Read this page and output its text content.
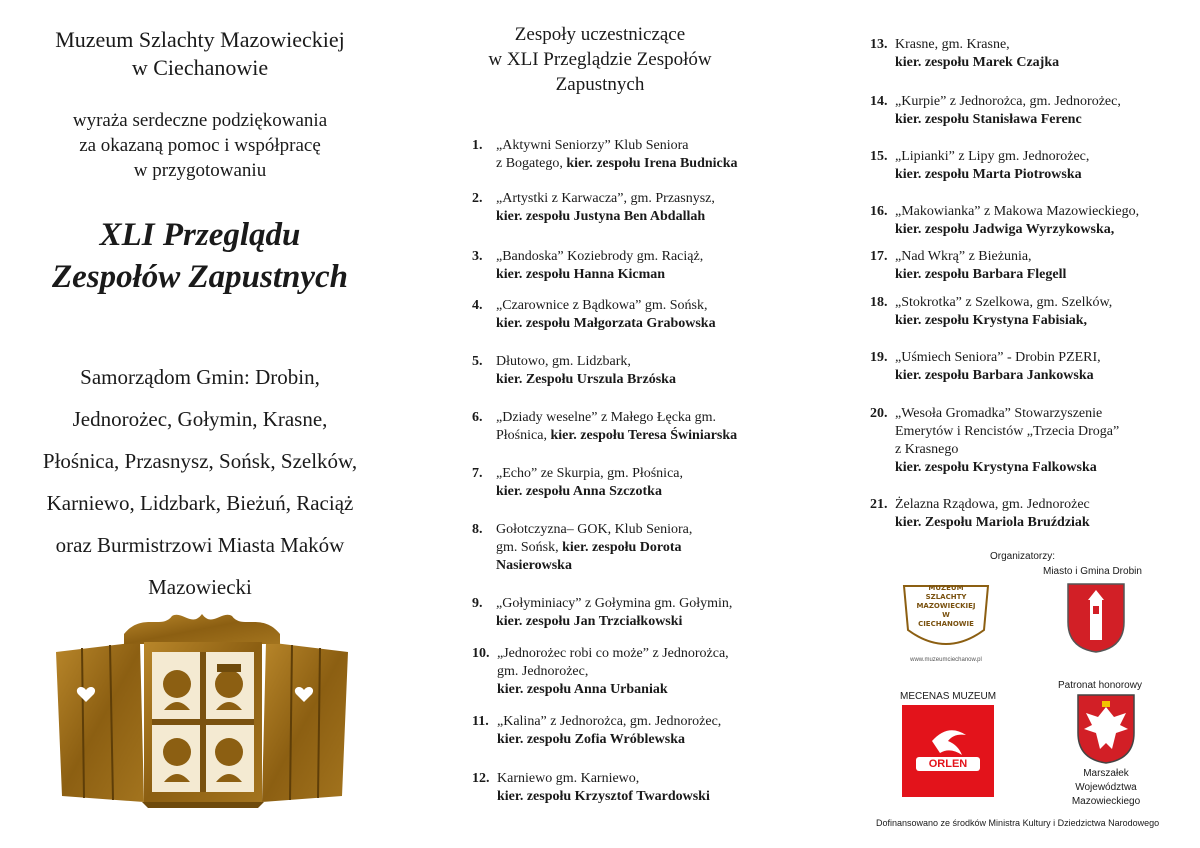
Muzeum Szlachty Mazowieckiej
w Ciechanowie
wyraża serdeczne podziękowania
za okazaną pomoc i współpracę
w przygotowaniu
XLI Przeglądu
Zespołów Zapustnych
Samorządom Gmin: Drobin,
Jednorożec, Gołymin, Krasne,
Płośnica, Przasnysz, Sońsk, Szelków,
Karniewo, Lidzbark, Bieżuń, Raciąż
oraz Burmistrzowi Miasta Maków
Mazowiecki
Zespoły uczestniczące
w XLI Przeglądzie Zespołów
Zapustnych
1. „Aktywni Seniorzy” Klub Seniora
z Bogatego, kier. zespołu Irena Budnicka
2. „Artystki z Karwacza”, gm. Przasnysz,
kier. zespołu Justyna Ben Abdallah
3. „Bandoska” Koziebrody gm. Raciąż,
kier. zespołu Hanna Kicman
4. „Czarownice z Bądkowa” gm. Sońsk,
kier. zespołu Małgorzata Grabowska
5. Dłutowo, gm. Lidzbark,
kier. Zespołu Urszula Brzóska
6. „Dziady weselne” z Małego Łęcka gm.
Płośnica, kier. zespołu Teresa Świniarska
7. „Echo” ze Skurpia, gm. Płośnica,
kier. zespołu Anna Szczotka
8. Gołotczyzna– GOK, Klub Seniora,
gm. Sońsk, kier. zespołu Dorota
Nasierowska
9. „Gołyminiacy” z Gołymina gm. Gołymin,
kier. zespołu Jan Trzciałkowski
10. „Jednorożec robi co może” z Jednorożca,
gm. Jednorożec,
kier. zespołu Anna Urbaniak
11. „Kalina” z Jednorożca, gm. Jednorożec,
kier. zespołu Zofia Wróblewska
12. Karniewo gm. Karniewo,
kier. zespołu Krzysztof Twardowski
13. Krasne, gm. Krasne,
kier. zespołu Marek Czajka
14. „Kurpie” z Jednorożca, gm. Jednorożec,
kier. zespołu Stanisława Ferenc
15. „Lipianki” z Lipy gm. Jednorożec,
kier. zespołu Marta Piotrowska
16. „Makowianka” z Makowa Mazowieckiego,
kier. zespołu Jadwiga Wyrzykowska,
17. „Nad Wkrą” z Bieżunia,
kier. zespołu Barbara Flegell
18. „Stokrotka” z Szelkowa, gm. Szelków,
kier. zespołu Krystyna Fabisiak,
19. „Uśmiech Seniora” - Drobin PZERI,
kier. zespołu Barbara Jankowska
20. „Wesoła Gromadka” Stowarzyszenie
Emerytów i Rencistów „Trzecia Droga”
z Krasnego
kier. zespołu Krystyna Falkowska
21. Żelazna Rządowa, gm. Jednorożec
kier. Zespołu Mariola Bruździak
Organizatorzy:
Miasto i Gmina Drobin
MUZEUM
SZLACHTY
MAZOWIECKIEJ
W
CIECHANOWIE
www.muzeumciechanow.pl
MECENAS MUZEUM
ORLEN
Patronat honorowy
Marszałek
Województwa
Mazowieckiego
Dofinansowano ze środków Ministra Kultury i Dziedzictwa Narodowego
